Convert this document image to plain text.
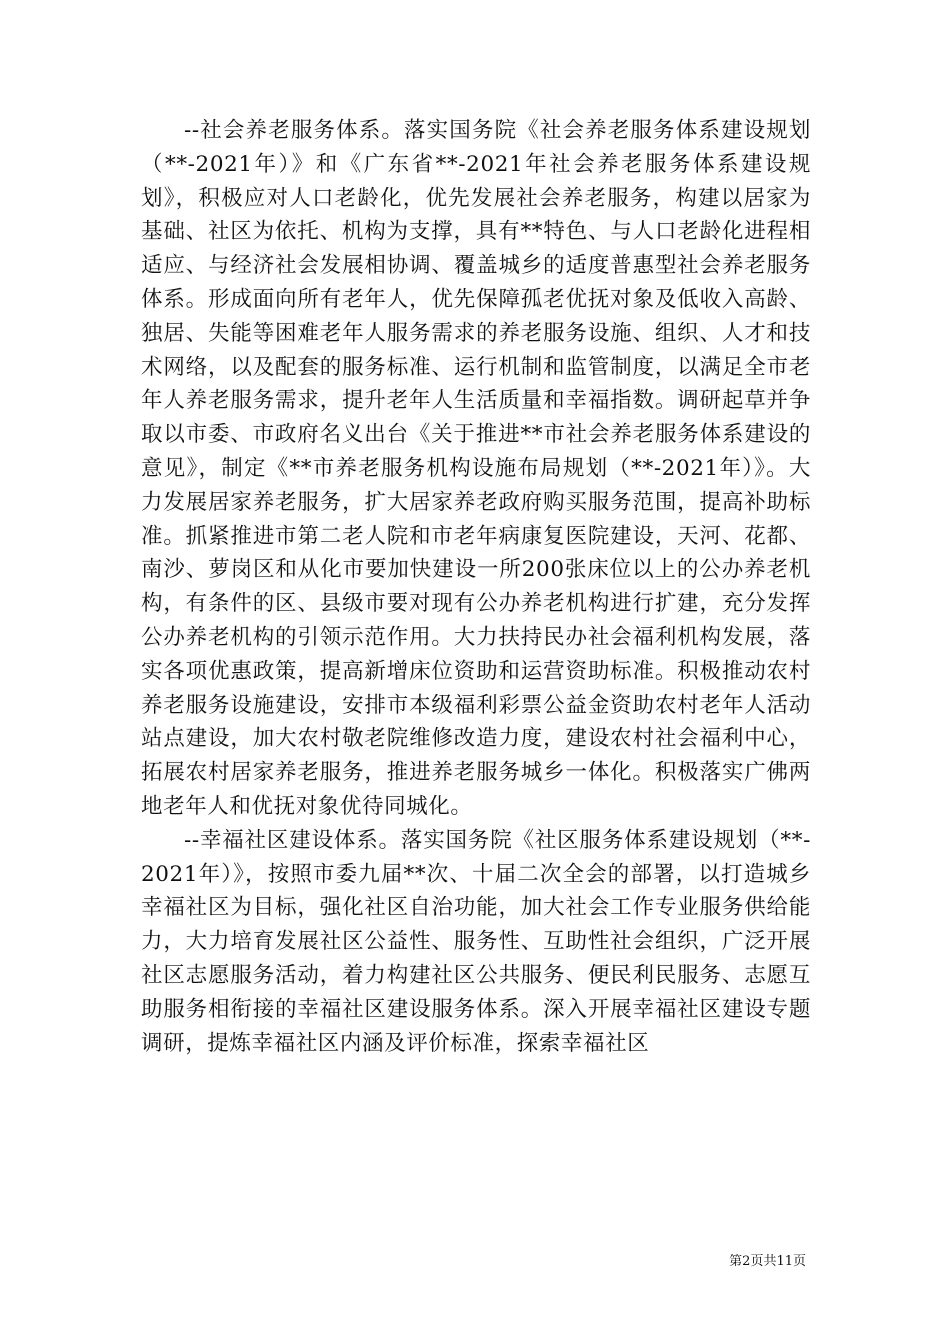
--社会养老服务体系。落实国务院《社会养老服务体系建设规划（**-2021年）》和《广东省**-2021年社会养老服务体系建设规划》，积极应对人口老龄化，优先发展社会养老服务，构建以居家为基础、社区为依托、机构为支撑，具有**特色、与人口老龄化进程相适应、与经济社会发展相协调、覆盖城乡的适度普惠型社会养老服务体系。形成面向所有老年人，优先保障孤老优抚对象及低收入高龄、独居、失能等困难老年人服务需求的养老服务设施、组织、人才和技术网络，以及配套的服务标准、运行机制和监管制度，以满足全市老年人养老服务需求，提升老年人生活质量和幸福指数。调研起草并争取以市委、市政府名义出台《关于推进**市社会养老服务体系建设的意见》，制定《**市养老服务机构设施布局规划（**-2021年）》。大力发展居家养老服务，扩大居家养老政府购买服务范围，提高补助标准。抓紧推进市第二老人院和市老年病康复医院建设，天河、花都、南沙、萝岗区和从化市要加快建设一所200张床位以上的公办养老机构，有条件的区、县级市要对现有公办养老机构进行扩建，充分发挥公办养老机构的引领示范作用。大力扶持民办社会福利机构发展，落实各项优惠政策，提高新增床位资助和运营资助标准。积极推动农村养老服务设施建设，安排市本级福利彩票公益金资助农村老年人活动站点建设，加大农村敬老院维修改造力度，建设农村社会福利中心，拓展农村居家养老服务，推进养老服务城乡一体化。积极落实广佛两地老年人和优抚对象优待同城化。

--幸福社区建设体系。落实国务院《社区服务体系建设规划（**-2021年）》，按照市委九届**次、十届二次全会的部署，以打造城乡幸福社区为目标，强化社区自治功能，加大社会工作专业服务供给能力，大力培育发展社区公益性、服务性、互助性社会组织，广泛开展社区志愿服务活动，着力构建社区公共服务、便民利民服务、志愿互助服务相衔接的幸福社区建设服务体系。深入开展幸福社区建设专题调研，提炼幸福社区内涵及评价标准，探索幸福社区

第2页共11页
